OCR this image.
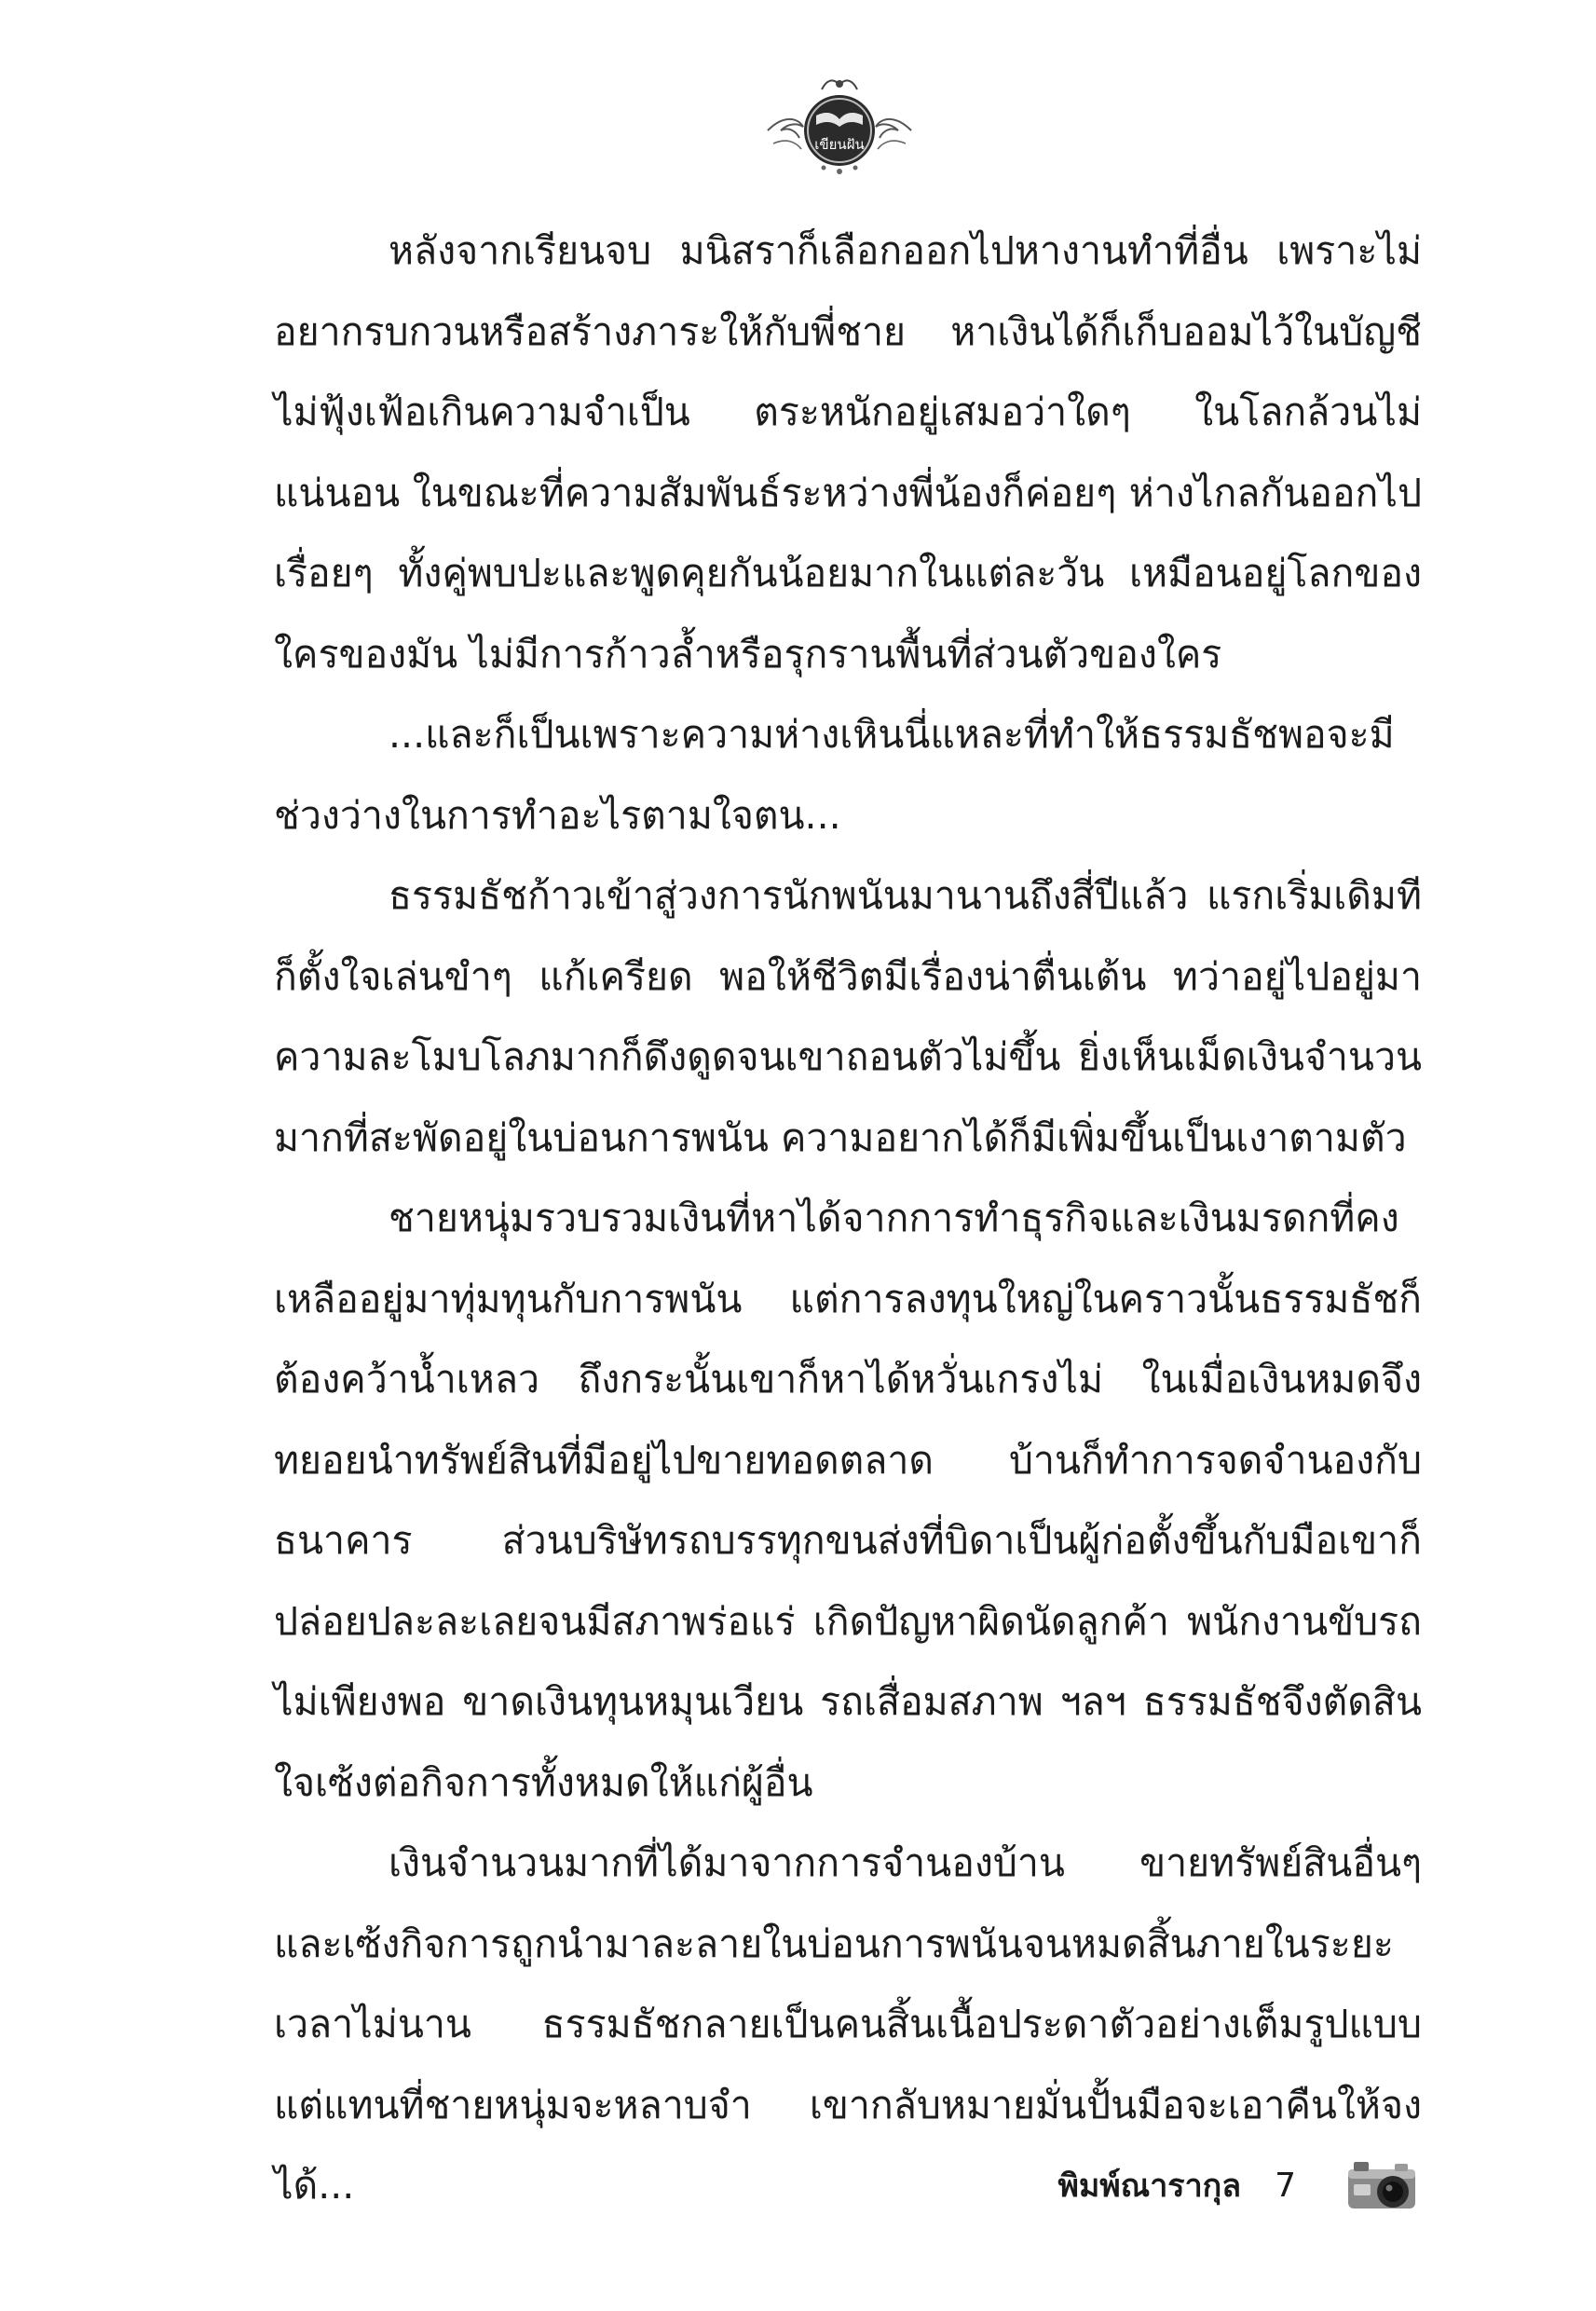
เขียนฝัน

หลังจากเรียนจบ มนิสราก็เลือกออกไปหางานทำที่อื่น เพราะไม่อยากรบกวนหรือสร้างภาระให้กับพี่ชาย หาเงินได้ก็เก็บออมไว้ในบัญชี ไม่ฟุ้งเฟ้อเกินความจำเป็น ตระหนักอยู่เสมอว่าใดๆ ในโลกล้วนไม่แน่นอน ในขณะที่ความสัมพันธ์ระหว่างพี่น้องก็ค่อยๆ ห่างไกลกันออกไปเรื่อยๆ ทั้งคู่พบปะและพูดคุยกันน้อยมากในแต่ละวัน เหมือนอยู่โลกของใครของมัน ไม่มีการก้าวล้ำหรือรุกรานพื้นที่ส่วนตัวของใคร

...และก็เป็นเพราะความห่างเหินนี่แหละที่ทำให้ธรรมธัชพอจะมีช่วงว่างในการทำอะไรตามใจตน...

ธรรมธัชก้าวเข้าสู่วงการนักพนันมานานถึงสี่ปีแล้ว แรกเริ่มเดิมทีก็ตั้งใจเล่นขำๆ แก้เครียด พอให้ชีวิตมีเรื่องน่าตื่นเต้น ทว่าอยู่ไปอยู่มาความละโมบโลภมากก็ดึงดูดจนเขาถอนตัวไม่ขึ้น ยิ่งเห็นเม็ดเงินจำนวนมากที่สะพัดอยู่ในบ่อนการพนัน ความอยากได้ก็มีเพิ่มขึ้นเป็นเงาตามตัว

ชายหนุ่มรวบรวมเงินที่หาได้จากการทำธุรกิจและเงินมรดกที่คงเหลืออยู่มาทุ่มทุนกับการพนัน แต่การลงทุนใหญ่ในคราวนั้นธรรมธัชก็ต้องคว้าน้ำเหลว ถึงกระนั้นเขาก็หาได้หวั่นเกรงไม่ ในเมื่อเงินหมดจึงทยอยนำทรัพย์สินที่มีอยู่ไปขายทอดตลาด บ้านก็ทำการจดจำนองกับธนาคาร ส่วนบริษัทรถบรรทุกขนส่งที่บิดาเป็นผู้ก่อตั้งขึ้นกับมือเขาก็ปล่อยปละละเลยจนมีสภาพร่อแร่ เกิดปัญหาผิดนัดลูกค้า พนักงานขับรถไม่เพียงพอ ขาดเงินทุนหมุนเวียน รถเสื่อมสภาพ ฯลฯ ธรรมธัชจึงตัดสินใจเซ้งต่อกิจการทั้งหมดให้แก่ผู้อื่น

เงินจำนวนมากที่ได้มาจากการจำนองบ้าน ขายทรัพย์สินอื่นๆ และเซ้งกิจการถูกนำมาละลายในบ่อนการพนันจนหมดสิ้นภายในระยะเวลาไม่นาน ธรรมธัชกลายเป็นคนสิ้นเนื้อประดาตัวอย่างเต็มรูปแบบ แต่แทนที่ชายหนุ่มจะหลาบจำ เขากลับหมายมั่นปั้นมือจะเอาคืนให้จงได้...	พิมพ์ณารากุล 7
